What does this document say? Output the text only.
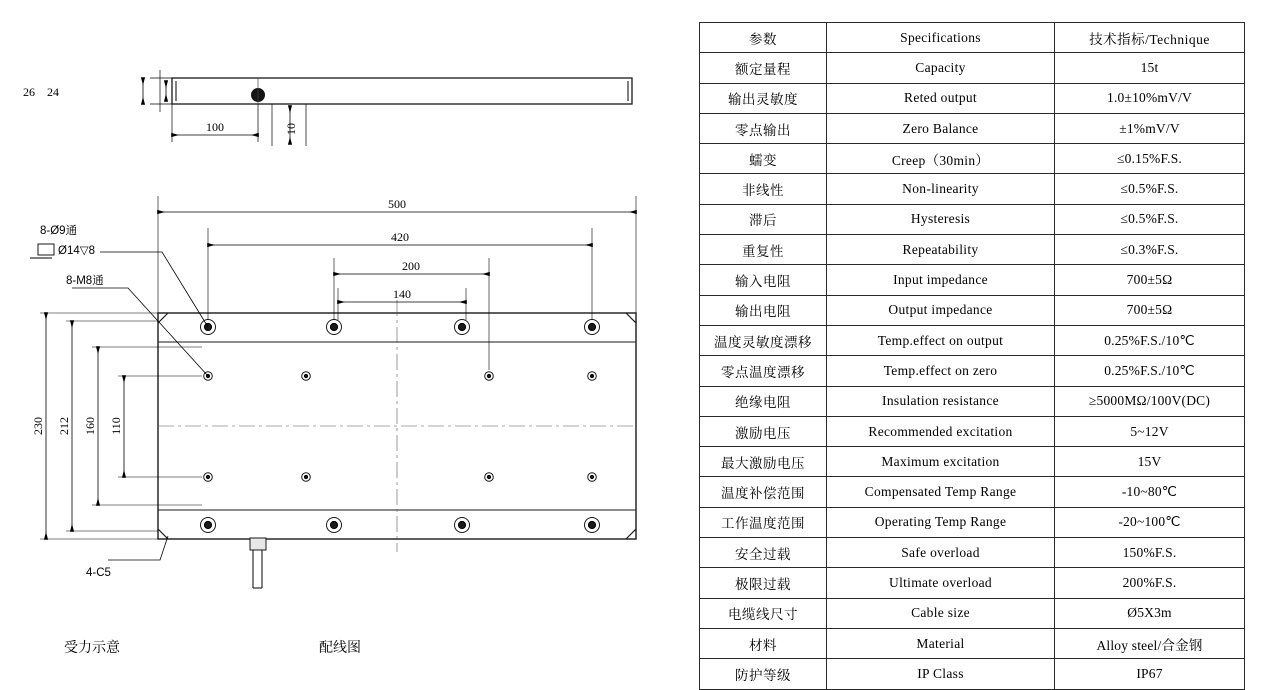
26 24
100	10
500
420
200
140
230 212 160 110
8-Ø9通
Ø14▽8
8-M8通
4-C5
受力示意	配线图
参数	Specifications	技术指标/Technique
额定量程	Capacity	15t
输出灵敏度	Reted output	1.0±10%mV/V
零点输出	Zero Balance	±1%mV/V
蠕变	Creep（30min）	≤0.15%F.S.
非线性	Non-linearity	≤0.5%F.S.
滞后	Hysteresis	≤0.5%F.S.
重复性	Repeatability	≤0.3%F.S.
输入电阻	Input impedance	700±5Ω
输出电阻	Output impedance	700±5Ω
温度灵敏度漂移	Temp.effect on output	0.25%F.S./10℃
零点温度漂移	Temp.effect on zero	0.25%F.S./10℃
绝缘电阻	Insulation resistance	≥5000MΩ/100V(DC)
激励电压	Recommended excitation	5~12V
最大激励电压	Maximum excitation	15V
温度补偿范围	Compensated Temp Range	-10~80℃
工作温度范围	Operating Temp Range	-20~100℃
安全过载	Safe overload	150%F.S.
极限过载	Ultimate overload	200%F.S.
电缆线尺寸	Cable size	Ø5X3m
材料	Material	Alloy steel/合金钢
防护等级	IP Class	IP67
